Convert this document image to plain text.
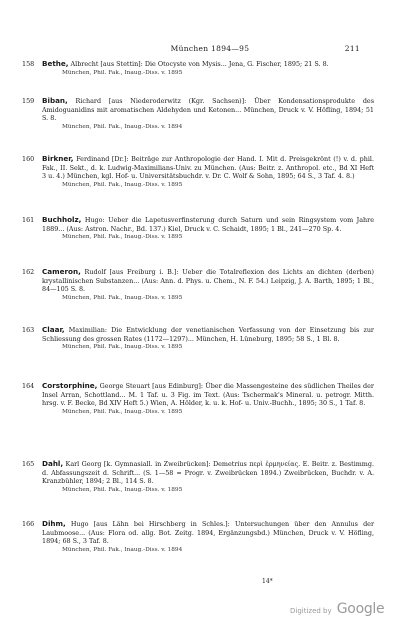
München 1894—95	211
158	Bethe, Albrecht [aus Stettin]: Die Otocyste von Mysis... Jena, G. Fischer, 1895; 21 S. 8.
München, Phil. Fak., Inaug.-Diss. v. 1895
159	Biban, Richard [aus Niederoderwitz (Kgr. Sachsen)]: Über Kondensationsprodukte des Amidoguanidins mit aromatischen Aldehyden und Ketonen... München, Druck v. V. Höfling, 1894; 51 S. 8.
München, Phil. Fak., Inaug.-Diss. v. 1894
160	Birkner, Ferdinand [Dr.]: Beiträge zur Anthropologie der Hand. I. Mit d. Preisgekrönt (!) v. d. phil. Fak., II. Sekt., d. k. Ludwig-Maximilians-Univ. zu München. (Aus: Beitr. z. Anthropol. etc., Bd XI Heft 3 u. 4.) München, kgl. Hof- u. Universitätsbuchdr. v. Dr. C. Wolf & Sohn, 1895; 64 S., 3 Taf. 4. 8.)
München, Phil. Fak., Inaug.-Diss. v. 1895
161	Buchholz, Hugo: Ueber die Lapetusverfinsterung durch Saturn und sein Ringsystem vom Jahre 1889... (Aus: Astron. Nachr., Bd. 137.) Kiel, Druck v. C. Schaidt, 1895; 1 Bl., 241—270 Sp. 4.
München, Phil. Fak., Inaug.-Diss. v. 1895
162	Cameron, Rudolf [aus Freiburg i. B.]: Ueber die Totalreflexion des Lichts an dichten (derben) krystallinischen Substanzen... (Aus: Ann. d. Phys. u. Chem., N. F. 54.) Leipzig, J. A. Barth, 1895; 1 Bl., 84—105 S. 8.
München, Phil. Fak., Inaug.-Diss. v. 1895
163	Claar, Maximilian: Die Entwicklung der venetianischen Verfassung von der Einsetzung bis zur Schliessung des grossen Rates (1172—1297)... München, H. Lüneburg, 1895; 58 S., 1 Bl. 8.
München, Phil. Fak., Inaug.-Diss. v. 1895
164	Corstorphine, George Steuart [aus Edinburg]: Über die Massengesteine des südlichen Theiles der Insel Arran, Schottland... M. 1 Taf. u. 3 Fig. im Text. (Aus: Tschermak's Mineral. u. petrogr. Mitth. hrsg. v. F. Becke, Bd XIV Heft 5.) Wien, A. Hölder, k. u. k. Hof- u. Univ.-Buchh., 1895; 30 S., 1 Taf. 8.
München, Phil. Fak., Inaug.-Diss. v. 1895
165	Dahl, Karl Georg [k. Gymnasiall. in Zweibrücken]: Demetrius περὶ ἑρμηνείας. E. Beitr. z. Bestimmg. d. Abfassungszeit d. Schrift... (S. 1—58 = Progr. v. Zweibrücken 1894.) Zweibrücken, Buchdr. v. A. Kranzbühler, 1894; 2 Bl., 114 S. 8.
München, Phil. Fak., Inaug.-Diss. v. 1895
166	Dihm, Hugo [aus Lähn bei Hirschberg in Schles.]: Untersuchungen über den Annulus der Laubmoose... (Aus: Flora od. allg. Bot. Zeitg. 1894, Ergänzungsbd.) München, Druck v. V. Höfling, 1894; 68 S., 3 Taf. 8.
München, Phil. Fak., Inaug.-Diss. v. 1894
14*
Digitized by Google
